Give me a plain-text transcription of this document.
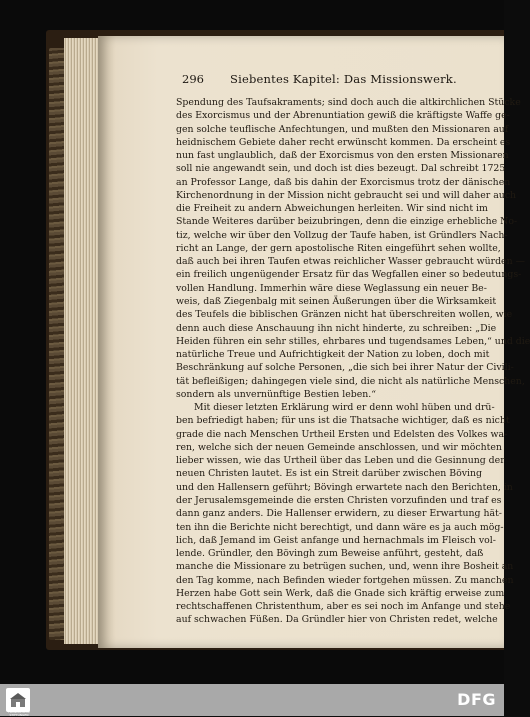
296 Siebentes Kapitel: Das Missionswerk.
Spendung des Taufsakraments; sind doch auch die altkirchlichen Stücke
des Exorcismus und der Abrenuntiation gewiß die kräftigste Waffe ge-
gen solche teuflische Anfechtungen, und mußten den Missionaren auf
heidnischem Gebiete daher recht erwünscht kommen. Da erscheint es
nun fast unglaublich, daß der Exorcismus von den ersten Missionaren
soll nie angewandt sein, und doch ist dies bezeugt. Dal schreibt 1725
an Professor Lange, daß bis dahin der Exorcismus trotz der dänischen
Kirchenordnung in der Mission nicht gebraucht sei und will daher auch
die Freiheit zu andern Abweichungen herleiten. Wir sind nicht im
Stande Weiteres darüber beizubringen, denn die einzige erhebliche No-
tiz, welche wir über den Vollzug der Taufe haben, ist Gründlers Nach-
richt an Lange, der gern apostolische Riten eingeführt sehen wollte,
daß auch bei ihren Taufen etwas reichlicher Wasser gebraucht würden —
ein freilich ungenügender Ersatz für das Wegfallen einer so bedeutungs-
vollen Handlung. Immerhin wäre diese Weglassung ein neuer Be-
weis, daß Ziegenbalg mit seinen Äußerungen über die Wirksamkeit
des Teufels die biblischen Gränzen nicht hat überschreiten wollen, wie
denn auch diese Anschauung ihn nicht hinderte, zu schreiben: „Die
Heiden führen ein sehr stilles, ehrbares und tugendsames Leben,“ und die
natürliche Treue und Aufrichtigkeit der Nation zu loben, doch mit
Beschränkung auf solche Personen, „die sich bei ihrer Natur der Civili-
tät befleißigen; dahingegen viele sind, die nicht als natürliche Menschen,
sondern als unvernünftige Bestien leben.“
Mit dieser letzten Erklärung wird er denn wohl hüben und drü-
ben befriedigt haben; für uns ist die Thatsache wichtiger, daß es nicht
grade die nach Menschen Urtheil Ersten und Edelsten des Volkes wa-
ren, welche sich der neuen Gemeinde anschlossen, und wir möchten
lieber wissen, wie das Urtheil über das Leben und die Gesinnung der
neuen Christen lautet. Es ist ein Streit darüber zwischen Böving
und den Hallensern geführt; Bövingh erwartete nach den Berichten, in
der Jerusalemsgemeinde die ersten Christen vorzufinden und traf es
dann ganz anders. Die Hallenser erwidern, zu dieser Erwartung hät-
ten ihn die Berichte nicht berechtigt, und dann wäre es ja auch mög-
lich, daß Jemand im Geist anfange und hernachmals im Fleisch vol-
lende. Gründler, den Bövingh zum Beweise anführt, gesteht, daß
manche die Missionare zu betrügen suchen, und, wenn ihre Bosheit an
den Tag komme, nach Befinden wieder fortgehen müssen. Zu manchen
Herzen habe Gott sein Werk, daß die Gnade sich kräftig erweise zum
rechtschaffenen Christenthum, aber es sei noch im Anfange und stehe
auf schwachen Füßen. Da Gründler hier von Christen redet, welche
FRANCKESCHE STIFTUNGEN
DFG
